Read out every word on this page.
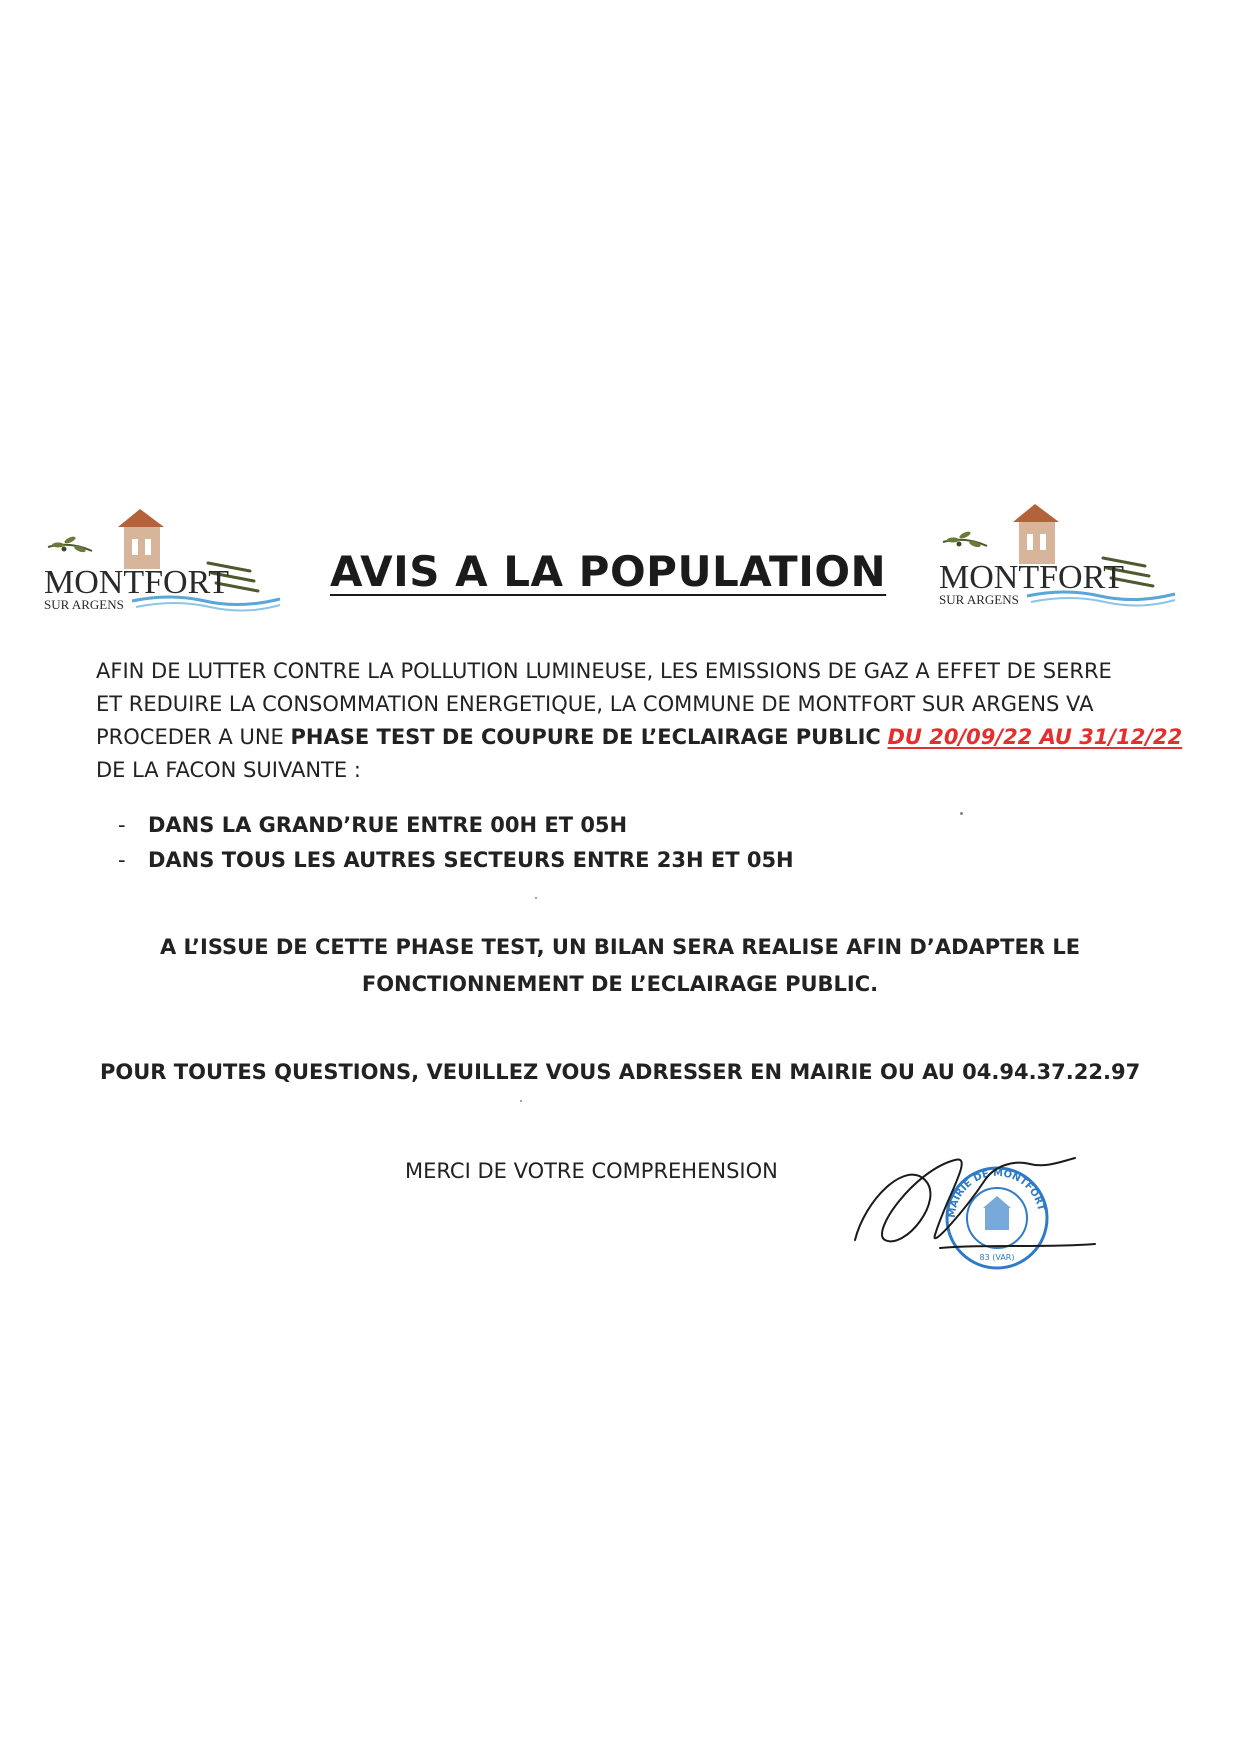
MONTFORT
SUR ARGENS
MONTFORT
SUR ARGENS
AVIS A LA POPULATION
AFIN DE LUTTER CONTRE LA POLLUTION LUMINEUSE, LES EMISSIONS DE GAZ A EFFET DE SERRE
ET REDUIRE LA CONSOMMATION ENERGETIQUE, LA COMMUNE DE MONTFORT SUR ARGENS VA
PROCEDER A UNE PHASE TEST DE COUPURE DE L’ECLAIRAGE PUBLIC DU 20/09/22 AU 31/12/22
DE LA FACON SUIVANTE :
-	DANS LA GRAND’RUE ENTRE 00H ET 05H
-	DANS TOUS LES AUTRES SECTEURS ENTRE 23H ET 05H
A L’ISSUE DE CETTE PHASE TEST, UN BILAN SERA REALISE AFIN D’ADAPTER LE
FONCTIONNEMENT DE L’ECLAIRAGE PUBLIC.
POUR TOUTES QUESTIONS, VEUILLEZ VOUS ADRESSER EN MAIRIE OU AU 04.94.37.22.97
MERCI DE VOTRE COMPREHENSION
MAIRIE DE MONTFORT SUR ARGENS
83 (VAR)
